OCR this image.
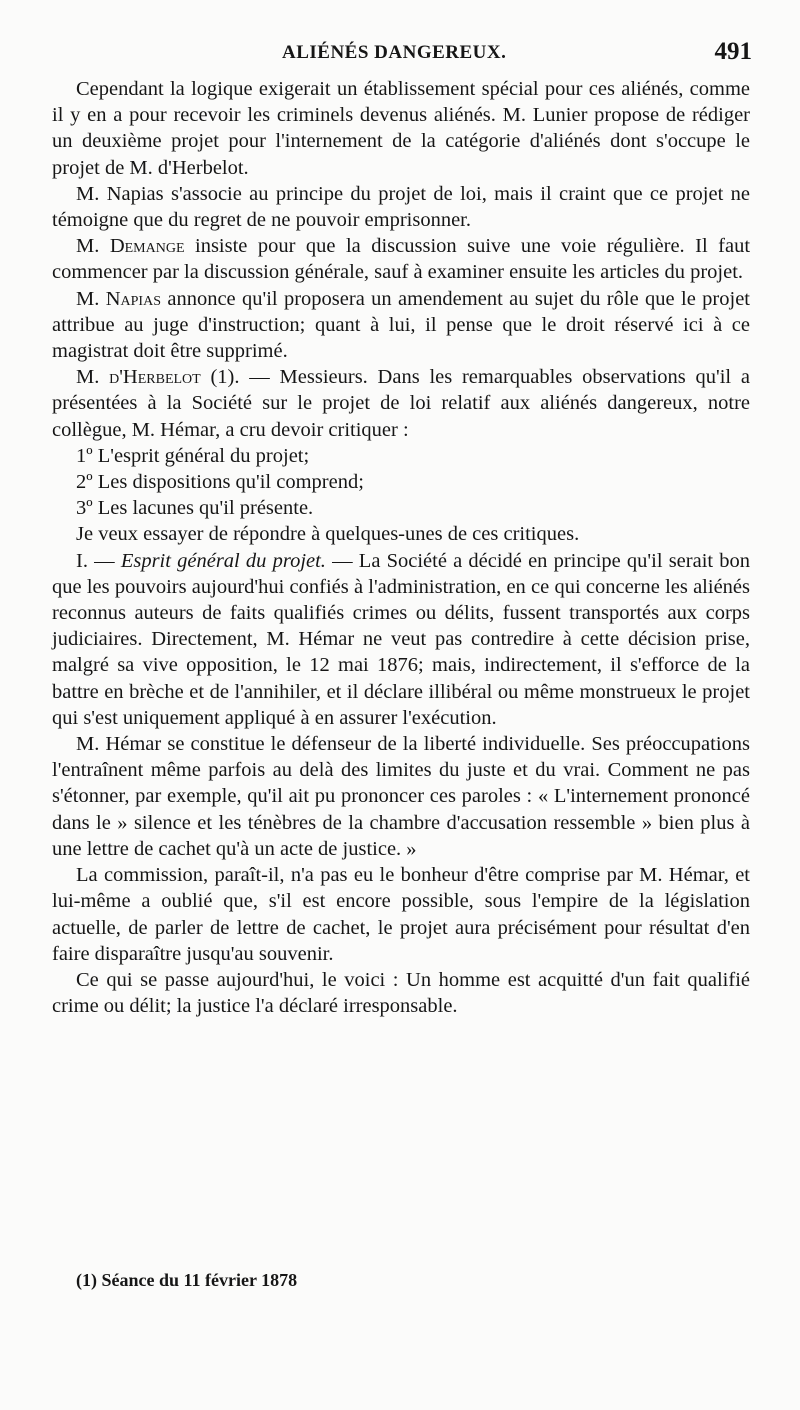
ALIÉNÉS DANGEREUX.	491

Cependant la logique exigerait un établissement spécial pour ces aliénés, comme il y en a pour recevoir les criminels devenus aliénés. M. Lunier propose de rédiger un deuxième projet pour l'internement de la catégorie d'aliénés dont s'occupe le projet de M. d'Herbelot.

M. Napias s'associe au principe du projet de loi, mais il craint que ce projet ne témoigne que du regret de ne pouvoir emprisonner.

M. Demange insiste pour que la discussion suive une voie régulière. Il faut commencer par la discussion générale, sauf à examiner ensuite les articles du projet.

M. Napias annonce qu'il proposera un amendement au sujet du rôle que le projet attribue au juge d'instruction; quant à lui, il pense que le droit réservé ici à ce magistrat doit être supprimé.

M. d'Herbelot (1). — Messieurs. Dans les remarquables observations qu'il a présentées à la Société sur le projet de loi relatif aux aliénés dangereux, notre collègue, M. Hémar, a cru devoir critiquer :

1º L'esprit général du projet;

2º Les dispositions qu'il comprend;

3º Les lacunes qu'il présente.

Je veux essayer de répondre à quelques-unes de ces critiques.

I. — Esprit général du projet. — La Société a décidé en principe qu'il serait bon que les pouvoirs aujourd'hui confiés à l'administration, en ce qui concerne les aliénés reconnus auteurs de faits qualifiés crimes ou délits, fussent transportés aux corps judiciaires. Directement, M. Hémar ne veut pas contredire à cette décision prise, malgré sa vive opposition, le 12 mai 1876; mais, indirectement, il s'efforce de la battre en brèche et de l'annihiler, et il déclare illibéral ou même monstrueux le projet qui s'est uniquement appliqué à en assurer l'exécution.

M. Hémar se constitue le défenseur de la liberté individuelle. Ses préoccupations l'entraînent même parfois au delà des limites du juste et du vrai. Comment ne pas s'étonner, par exemple, qu'il ait pu prononcer ces paroles : « L'internement prononcé dans le » silence et les ténèbres de la chambre d'accusation ressemble » bien plus à une lettre de cachet qu'à un acte de justice. »

La commission, paraît-il, n'a pas eu le bonheur d'être comprise par M. Hémar, et lui-même a oublié que, s'il est encore possible, sous l'empire de la législation actuelle, de parler de lettre de cachet, le projet aura précisément pour résultat d'en faire disparaître jusqu'au souvenir.

Ce qui se passe aujourd'hui, le voici : Un homme est acquitté d'un fait qualifié crime ou délit; la justice l'a déclaré irresponsable.

(1) Séance du 11 février 1878
